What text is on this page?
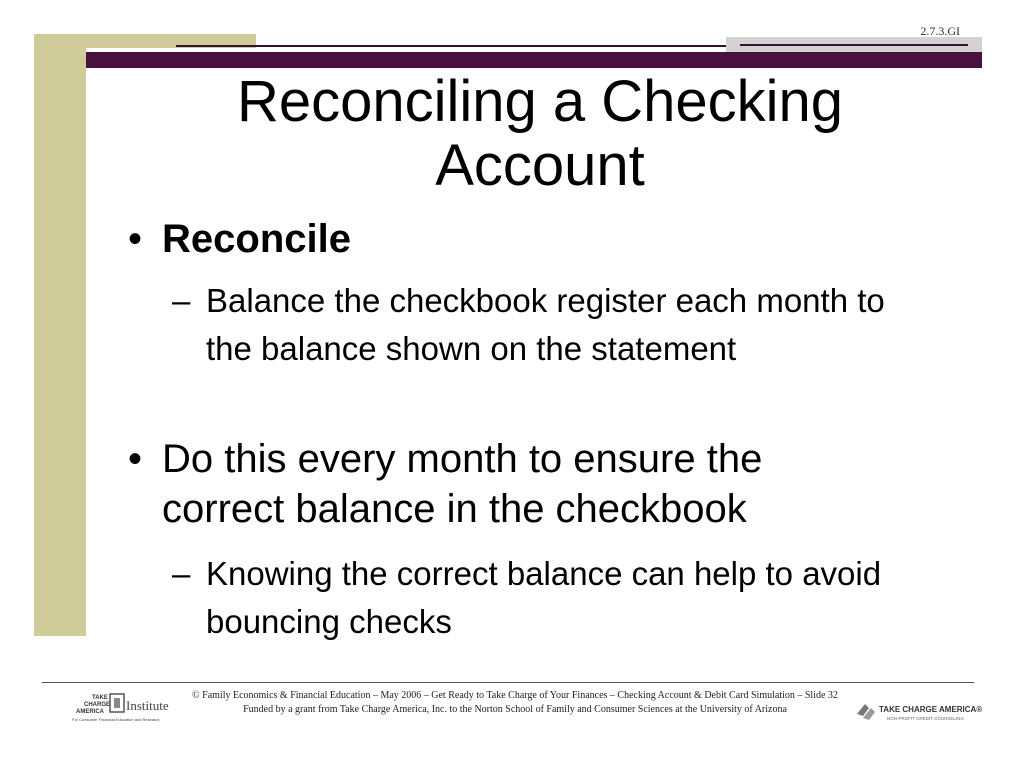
2.7.3.GI
Reconciling a Checking Account
• Reconcile
– Balance the checkbook register each month to the balance shown on the statement
• Do this every month to ensure the correct balance in the checkbook
– Knowing the correct balance can help to avoid bouncing checks
TAKE
CHARGE
AMERICA Institute
For Consumer Financial Education and Research
© Family Economics & Financial Education – May 2006 – Get Ready to Take Charge of Your Finances – Checking Account & Debit Card Simulation – Slide 32
Funded by a grant from Take Charge America, Inc. to the Norton School of Family and Consumer Sciences at the University of Arizona	TAKE CHARGE AMERICA®
NON-PROFIT CREDIT COUNSELING
